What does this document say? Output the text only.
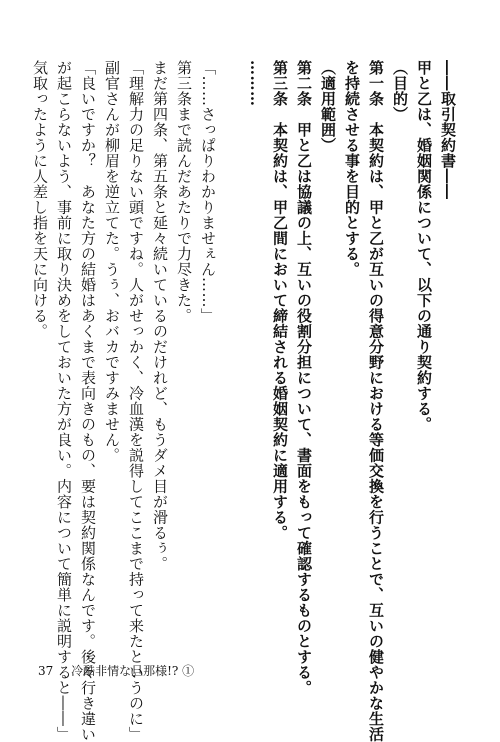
――取引契約書――
甲と乙は、婚姻関係について、以下の通り契約する。
（目的）
第一条　本契約は、甲と乙が互いの得意分野における等価交換を行うことで、互いの健やかな生活
を持続させる事を目的とする。
（適用範囲）
第二条　甲と乙は協議の上、互いの役割分担について、書面をもって確認するものとする。
第三条　本契約は、甲乙間において締結される婚姻契約に適用する。
………
「……さっぱりわかりませぇん……」
第三条まで読んだあたりで力尽きた。
まだ第四条、第五条と延々続いているのだけれど、もうダメ目が滑るぅ。
「理解力の足りない頭ですね。人がせっかく、冷血漢を説得してここまで持って来たというのに」
副官さんが柳眉を逆立てた。うぅ、おバカですみません。
「良いですか？　あなた方の結婚はあくまで表向きのもの、要は契約関係なんです。後々行き違い
が起こらないよう、事前に取り決めをしておいた方が良い。内容について簡単に説明すると――」
気取ったように人差し指を天に向ける。
37 冷酷非情な旦那様!? ①
